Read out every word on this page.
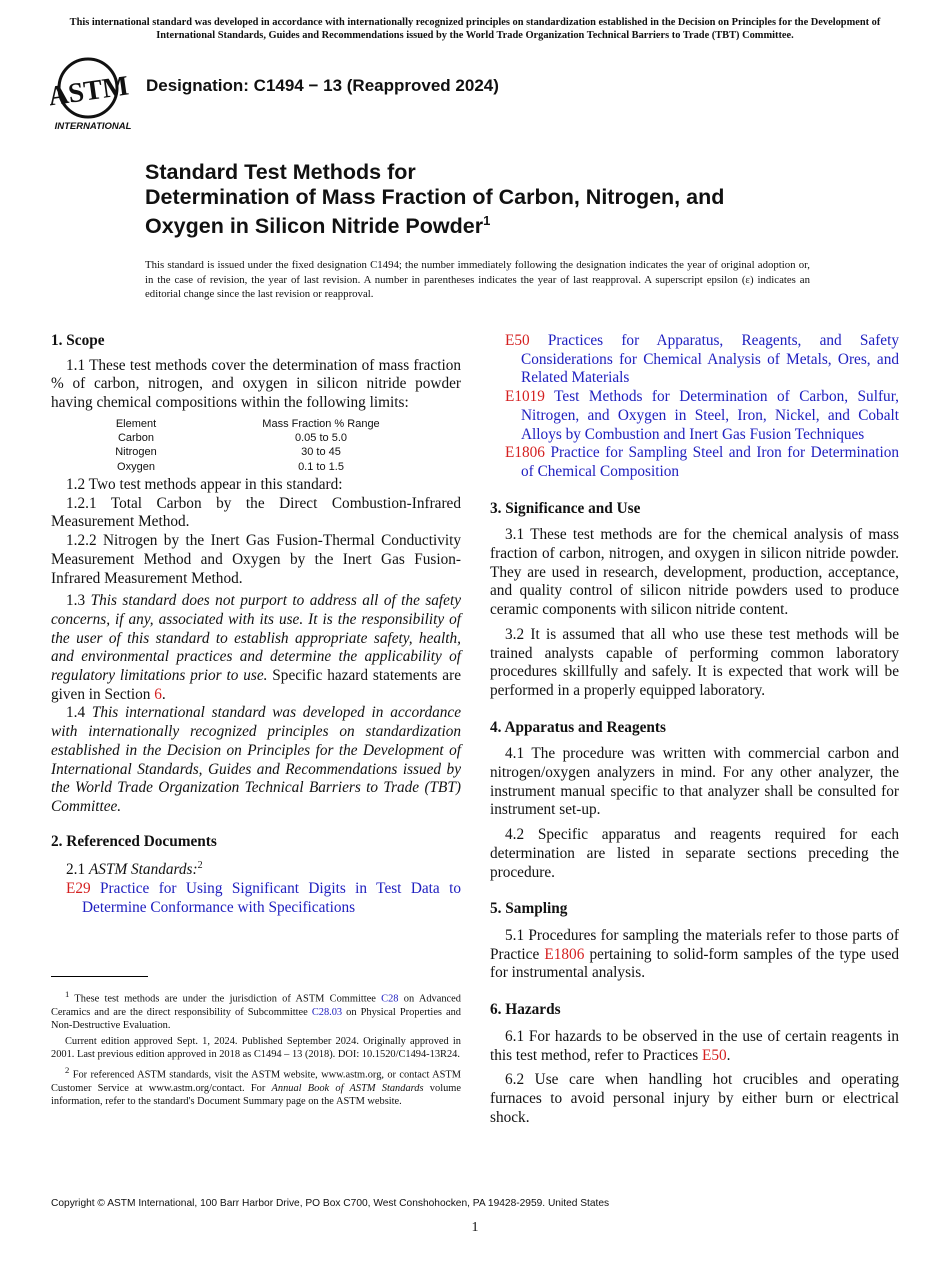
This international standard was developed in accordance with internationally recognized principles on standardization established in the Decision on Principles for the Development of International Standards, Guides and Recommendations issued by the World Trade Organization Technical Barriers to Trade (TBT) Committee.
ASTM
INTERNATIONAL
Designation: C1494 − 13 (Reapproved 2024)
Standard Test Methods for
Determination of Mass Fraction of Carbon, Nitrogen, and
Oxygen in Silicon Nitride Powder$^1$
This standard is issued under the fixed designation C1494; the number immediately following the designation indicates the year of original adoption or, in the case of revision, the year of last revision. A number in parentheses indicates the year of last reapproval. A superscript epsilon (ε) indicates an editorial change since the last revision or reapproval.

1. Scope

1.1 These test methods cover the determination of mass fraction % of carbon, nitrogen, and oxygen in silicon nitride powder having chemical compositions within the following limits:

Element	Mass Fraction % Range
Carbon	0.05 to 5.0
Nitrogen	30 to 45
Oxygen	0.1 to 1.5

1.2 Two test methods appear in this standard:

1.2.1 Total Carbon by the Direct Combustion-Infrared Measurement Method.

1.2.2 Nitrogen by the Inert Gas Fusion-Thermal Conductivity Measurement Method and Oxygen by the Inert Gas Fusion-Infrared Measurement Method.

1.3 This standard does not purport to address all of the safety concerns, if any, associated with its use. It is the responsibility of the user of this standard to establish appropriate safety, health, and environmental practices and determine the applicability of regulatory limitations prior to use. Specific hazard statements are given in Section 6.

1.4 This international standard was developed in accordance with internationally recognized principles on standardization established in the Decision on Principles for the Development of International Standards, Guides and Recommendations issued by the World Trade Organization Technical Barriers to Trade (TBT) Committee.

2. Referenced Documents

2.1 ASTM Standards:$^2$

E29 Practice for Using Significant Digits in Test Data to Determine Conformance with Specifications

$^1$ These test methods are under the jurisdiction of ASTM Committee C28 on Advanced Ceramics and are the direct responsibility of Subcommittee C28.03 on Physical Properties and Non-Destructive Evaluation.

Current edition approved Sept. 1, 2024. Published September 2024. Originally approved in 2001. Last previous edition approved in 2018 as C1494 – 13 (2018). DOI: 10.1520/C1494-13R24.

$^2$ For referenced ASTM standards, visit the ASTM website, www.astm.org, or contact ASTM Customer Service at www.astm.org/contact. For Annual Book of ASTM Standards volume information, refer to the standard's Document Summary page on the ASTM website.

E50 Practices for Apparatus, Reagents, and Safety Considerations for Chemical Analysis of Metals, Ores, and Related Materials

E1019 Test Methods for Determination of Carbon, Sulfur, Nitrogen, and Oxygen in Steel, Iron, Nickel, and Cobalt Alloys by Combustion and Inert Gas Fusion Techniques

E1806 Practice for Sampling Steel and Iron for Determination of Chemical Composition

3. Significance and Use

3.1 These test methods are for the chemical analysis of mass fraction of carbon, nitrogen, and oxygen in silicon nitride powder. They are used in research, development, production, acceptance, and quality control of silicon nitride powders used to produce ceramic components with silicon nitride content.

3.2 It is assumed that all who use these test methods will be trained analysts capable of performing common laboratory procedures skillfully and safely. It is expected that work will be performed in a properly equipped laboratory.

4. Apparatus and Reagents

4.1 The procedure was written with commercial carbon and nitrogen/oxygen analyzers in mind. For any other analyzer, the instrument manual specific to that analyzer shall be consulted for instrument set-up.

4.2 Specific apparatus and reagents required for each determination are listed in separate sections preceding the procedure.

5. Sampling

5.1 Procedures for sampling the materials refer to those parts of Practice E1806 pertaining to solid-form samples of the type used for instrumental analysis.

6. Hazards

6.1 For hazards to be observed in the use of certain reagents in this test method, refer to Practices E50.

6.2 Use care when handling hot crucibles and operating furnaces to avoid personal injury by either burn or electrical shock.

Copyright © ASTM International, 100 Barr Harbor Drive, PO Box C700, West Conshohocken, PA 19428-2959. United States
1
